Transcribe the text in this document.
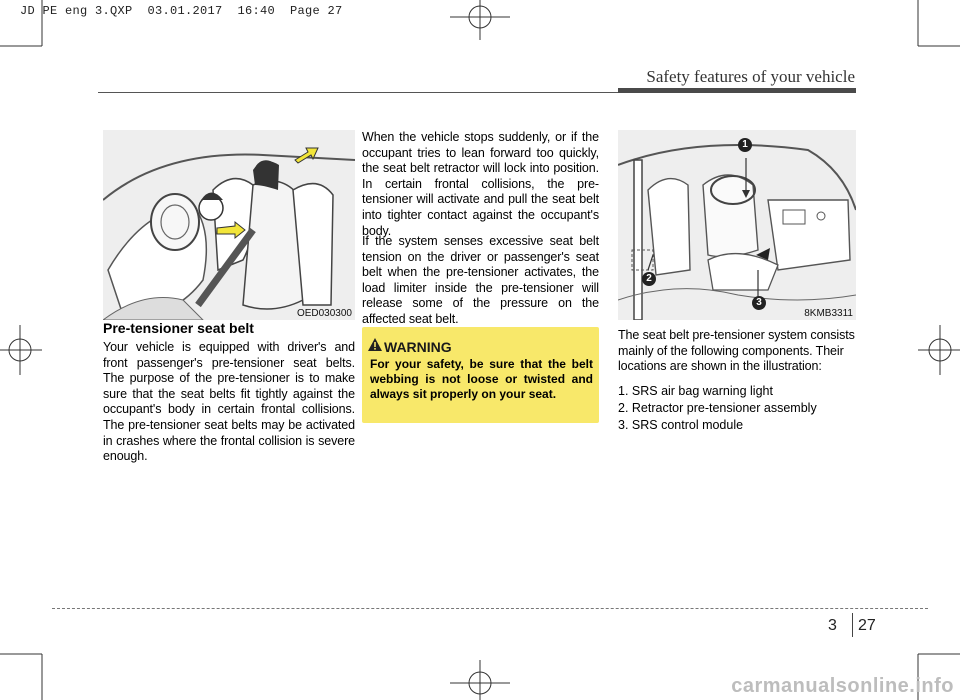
JD PE eng 3.QXP  03.01.2017  16:40  Page 27
Safety features of your vehicle
OED030300
Pre-tensioner seat belt

Your vehicle is equipped with driver's and front passenger's pre-tensioner seat belts. The purpose of the pre-tensioner is to make sure that the seat belts fit tightly against the occupant's body in certain frontal collisions. The pre-tensioner seat belts may be activated in crashes where the frontal collision is severe enough.

When the vehicle stops suddenly, or if the occupant tries to lean forward too quickly, the seat belt retractor will lock into position. In certain frontal collisions, the pre-tensioner will activate and pull the seat belt into tighter contact against the occupant's body.

If the system senses excessive seat belt tension on the driver or passenger's seat belt when the pre-tensioner activates, the load limiter inside the pre-tensioner will release some of the pressure on the affected seat belt.

WARNING

For your safety, be sure that the belt webbing is not loose or twisted and always sit properly on your seat.

1
2
3
8KMB3311

The seat belt pre-tensioner system consists mainly of the following components. Their locations are shown in the illustration:

1. SRS air bag warning light
2. Retractor pre-tensioner assembly
3. SRS control module
3 27
carmanualsonline.info
